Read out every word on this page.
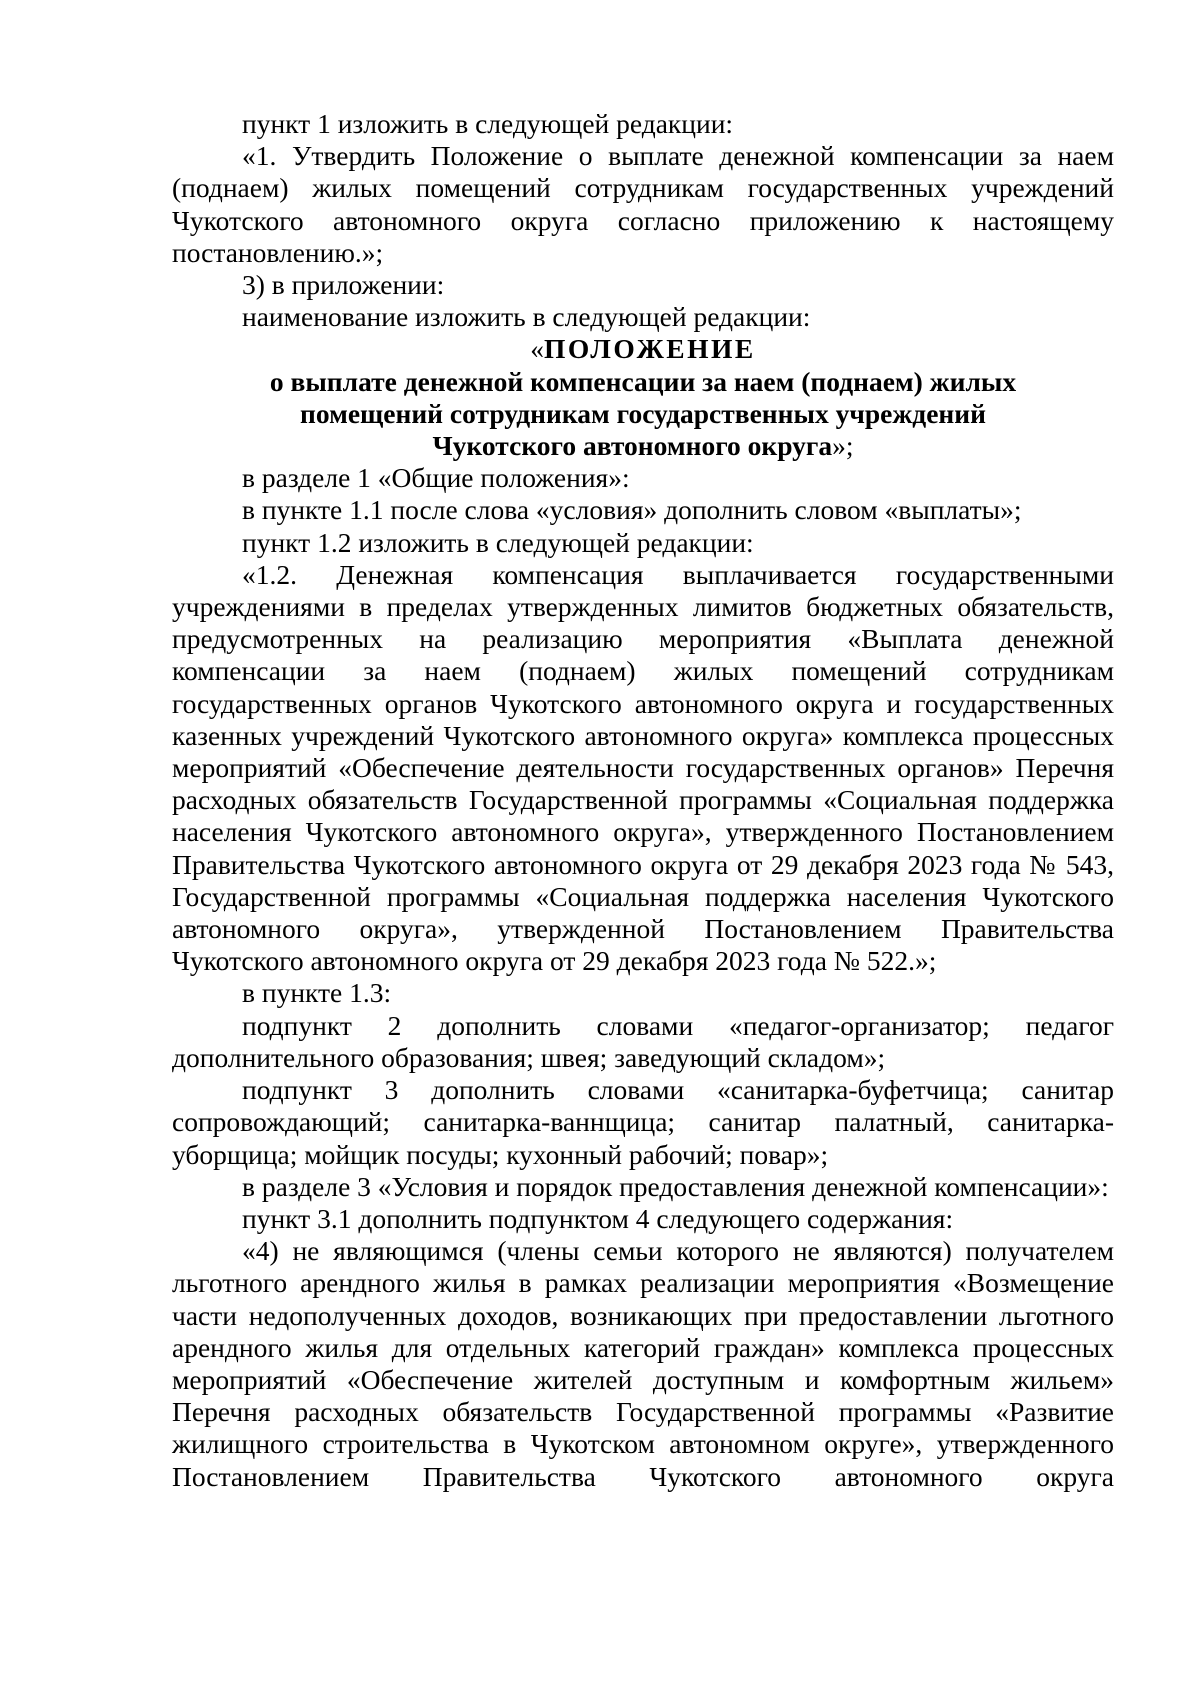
пункт 1 изложить в следующей редакции:

«1. Утвердить Положение о выплате денежной компенсации за наем (поднаем) жилых помещений сотрудникам государственных учреждений Чукотского автономного округа согласно приложению к настоящему постановлению.»;

3) в приложении:

наименование изложить в следующей редакции:

«ПОЛОЖЕНИЕ
о выплате денежной компенсации за наем (поднаем) жилых
помещений сотрудникам государственных учреждений
Чукотского автономного округа»;

в разделе 1 «Общие положения»:

в пункте 1.1 после слова «условия» дополнить словом «выплаты»;

пункт 1.2 изложить в следующей редакции:

«1.2. Денежная компенсация выплачивается государственными учреждениями в пределах утвержденных лимитов бюджетных обязательств, предусмотренных на реализацию мероприятия «Выплата денежной компенсации за наем (поднаем) жилых помещений сотрудникам государственных органов Чукотского автономного округа и государственных казенных учреждений Чукотского автономного округа» комплекса процессных мероприятий «Обеспечение деятельности государственных органов» Перечня расходных обязательств Государственной программы «Социальная поддержка населения Чукотского автономного округа», утвержденного Постановлением Правительства Чукотского автономного округа от 29 декабря 2023 года № 543, Государственной программы «Социальная поддержка населения Чукотского автономного округа», утвержденной Постановлением Правительства Чукотского автономного округа от 29 декабря 2023 года № 522.»;

в пункте 1.3:

подпункт 2 дополнить словами «педагог-организатор; педагог дополнительного образования; швея; заведующий складом»;

подпункт 3 дополнить словами «санитарка-буфетчица; санитар сопровождающий; санитарка-ваннщица; санитар палатный, санитарка-уборщица; мойщик посуды; кухонный рабочий; повар»;

в разделе 3 «Условия и порядок предоставления денежной компенсации»:

пункт 3.1 дополнить подпунктом 4 следующего содержания:

«4) не являющимся (члены семьи которого не являются) получателем льготного арендного жилья в рамках реализации мероприятия «Возмещение части недополученных доходов, возникающих при предоставлении льготного арендного жилья для отдельных категорий граждан» комплекса процессных мероприятий «Обеспечение жителей доступным и комфортным жильем» Перечня расходных обязательств Государственной программы «Развитие жилищного строительства в Чукотском автономном округе», утвержденного Постановлением Правительства Чукотского автономного округа
